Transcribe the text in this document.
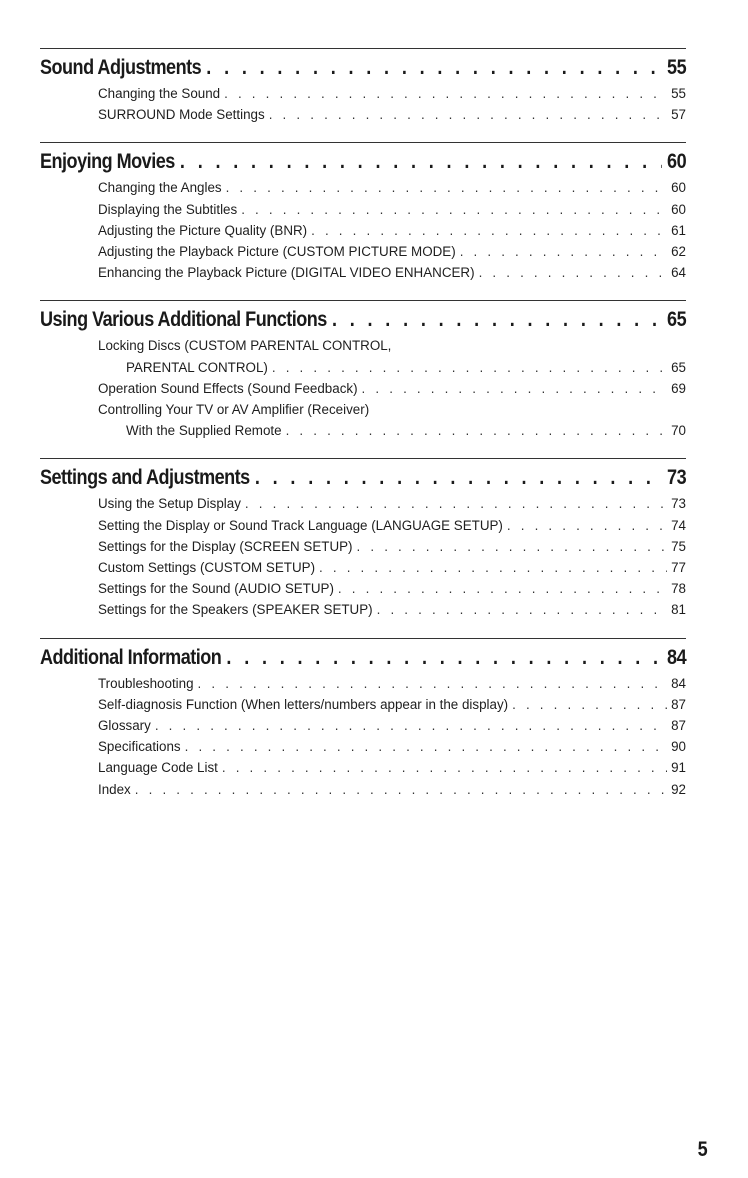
Sound Adjustments . . .	55
Changing the Sound . . .	55
SURROUND Mode Settings . . .	57
Enjoying Movies . . .	60
Changing the Angles . . .	60
Displaying the Subtitles . . .	60
Adjusting the Picture Quality (BNR) . . .	61
Adjusting the Playback Picture (CUSTOM PICTURE MODE) . . .	62
Enhancing the Playback Picture (DIGITAL VIDEO ENHANCER) . . .	64
Using Various Additional Functions . . .	65
Locking Discs (CUSTOM PARENTAL CONTROL,
PARENTAL CONTROL) . . .	65
Operation Sound Effects (Sound Feedback) . . .	69
Controlling Your TV or AV Amplifier (Receiver)
With the Supplied Remote . . .	70
Settings and Adjustments . . .	73
Using the Setup Display . . .	73
Setting the Display or Sound Track Language (LANGUAGE SETUP) . . .	74
Settings for the Display (SCREEN SETUP) . . .	75
Custom Settings (CUSTOM SETUP) . . .	77
Settings for the Sound (AUDIO SETUP) . . .	78
Settings for the Speakers (SPEAKER SETUP) . . .	81
Additional Information . . .	84
Troubleshooting . . .	84
Self-diagnosis Function (When letters/numbers appear in the display) . . .	87
Glossary . . .	87
Specifications . . .	90
Language Code List . . .	91
Index . . .	92
5
